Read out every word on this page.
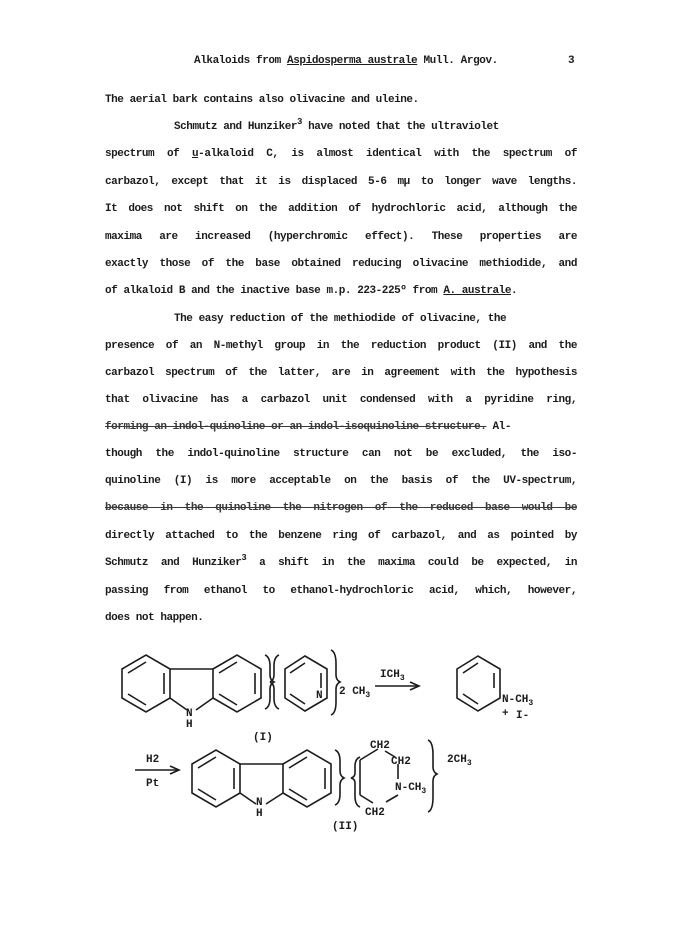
Alkaloids from Aspidosperma australe Mull. Argov.	3
The aerial bark contains also olivacine and uleine.
Schmutz and Hunziker$^3$ have noted that the ultraviolet
spectrum of u-alkaloid C, is almost identical with the spectrum of
carbazol, except that it is displaced 5-6 mµ to longer wave lengths.
It does not shift on the addition of hydrochloric acid, although the
maxima are increased (hyperchromic effect). These properties are
exactly those of the base obtained reducing olivacine methiodide, and
of alkaloid B and the inactive base m.p. 223-225º from A. australe.
The easy reduction of the methiodide of olivacine, the
presence of an N-methyl group in the reduction product (II) and the
carbazol spectrum of the latter, are in agreement with the hypothesis
that olivacine has a carbazol unit condensed with a pyridine ring,
forming an indol-quinoline or an indol-isoquinoline structure. Al-
though the indol-quinoline structure can not be excluded, the iso-
quinoline (I) is more acceptable on the basis of the UV-spectrum,
because in the quinoline the nitrogen of the reduced base would be
directly attached to the benzene ring of carbazol, and as pointed by
Schmutz and Hunziker$^3$ a shift in the maxima could be expected, in
passing from ethanol to ethanol-hydrochloric acid, which, however,
does not happen.
N
H
N 2 $CH_3$
(I)
$ICH_3$
$N-CH_3$
+ I-
H2
Pt
N
H
CH2
CH2
$N-CH_3$
CH2
$2CH_3$
(II)
